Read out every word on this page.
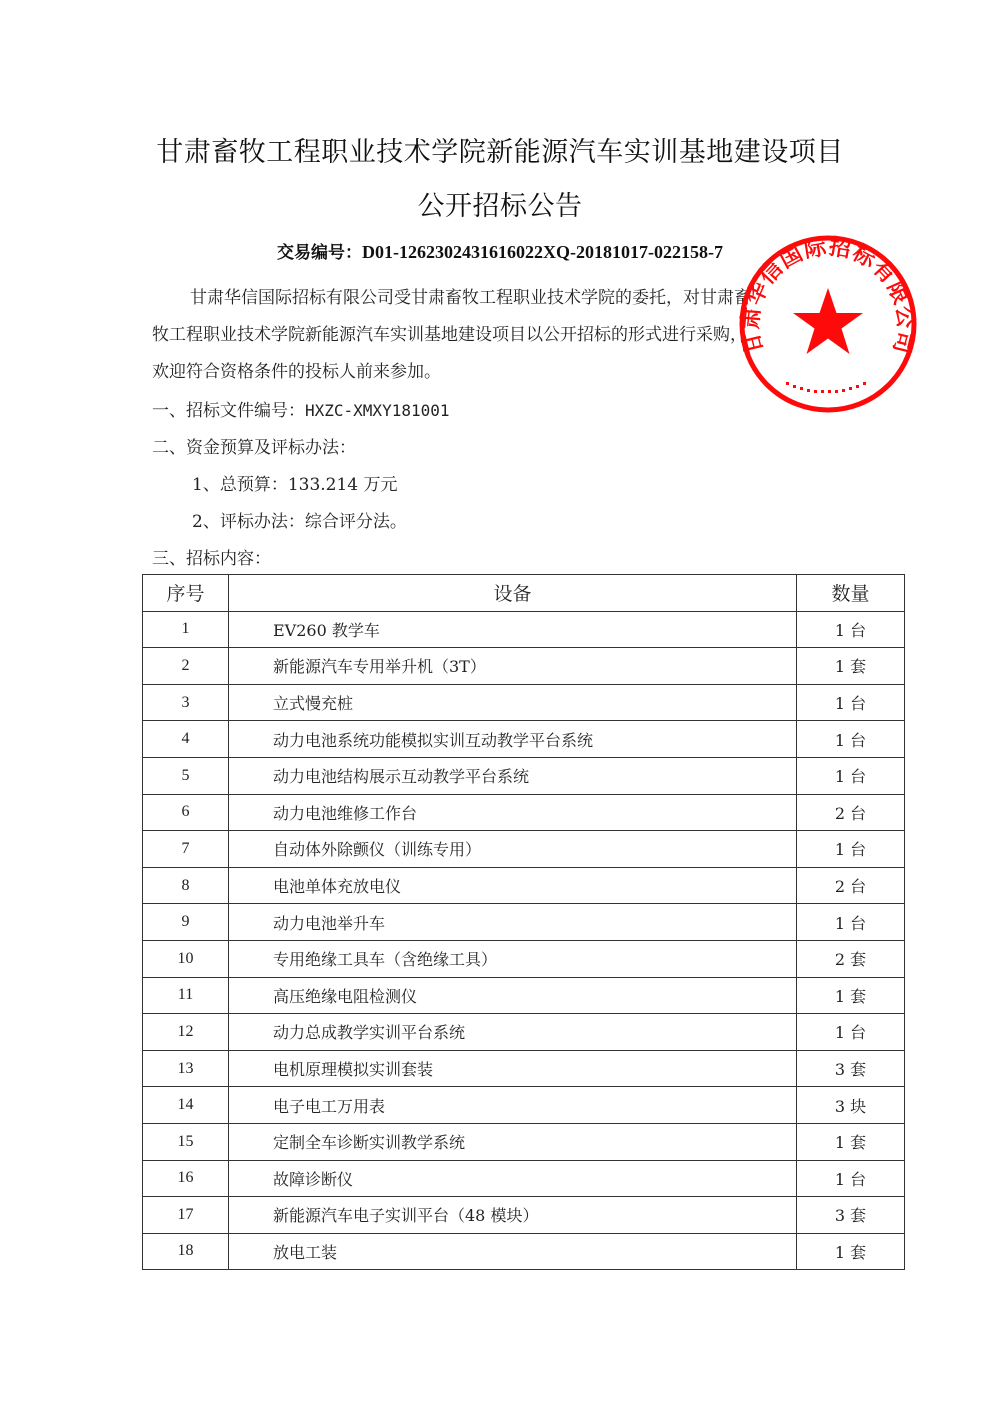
甘肃畜牧工程职业技术学院新能源汽车实训基地建设项目
公开招标公告
交易编号：D01-1262302431616022XQ-20181017-022158-7
甘肃华信国际招标有限公司受甘肃畜牧工程职业技术学院的委托，对甘肃畜
牧工程职业技术学院新能源汽车实训基地建设项目以公开招标的形式进行采购，
欢迎符合资格条件的投标人前来参加。
一、招标文件编号：HXZC-XMXY181001
二、资金预算及评标办法：
1、总预算：133.214 万元
2、评标办法：综合评分法。
三、招标内容：
序号	设备	数量
1	EV260 教学车	1 台
2	新能源汽车专用举升机（3T）	1 套
3	立式慢充桩	1 台
4	动力电池系统功能模拟实训互动教学平台系统	1 台
5	动力电池结构展示互动教学平台系统	1 台
6	动力电池维修工作台	2 台
7	自动体外除颤仪（训练专用）	1 台
8	电池单体充放电仪	2 台
9	动力电池举升车	1 台
10	专用绝缘工具车（含绝缘工具）	2 套
11	高压绝缘电阻检测仪	1 套
12	动力总成教学实训平台系统	1 台
13	电机原理模拟实训套装	3 套
14	电子电工万用表	3 块
15	定制全车诊断实训教学系统	1 套
16	故障诊断仪	1 台
17	新能源汽车电子实训平台（48 模块）	3 套
18	放电工装	1 套
甘肃华信国际招标有限公司
